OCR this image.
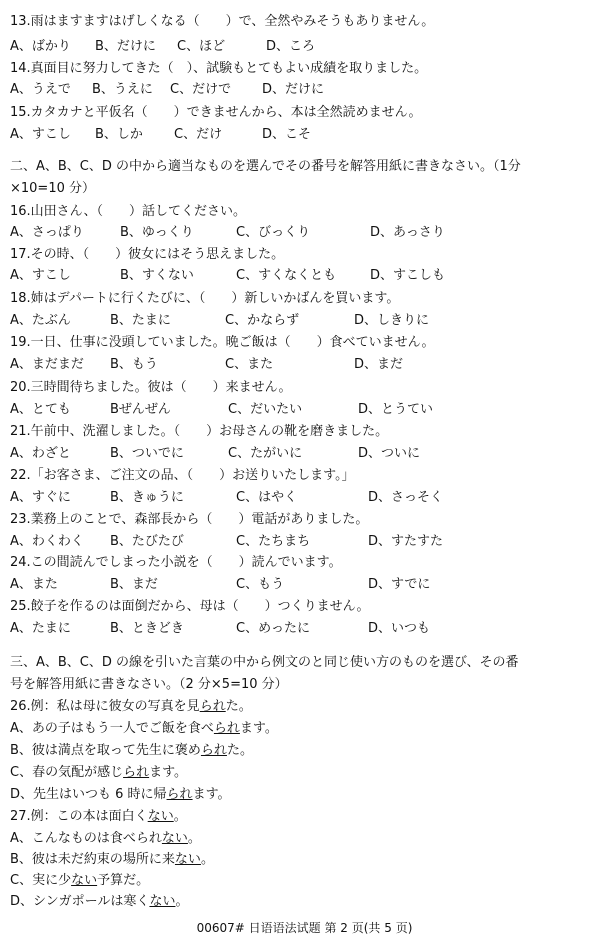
13.雨はますますはげしくなる（　　）で、全然やみそうもありません。
A、ばかり B、だけに C、ほど	D、ころ
14.真面目に努力してきた（　）、試験もとてもよい成績を取りました。
A、うえで B、うえに C、だけで D、だけに
15.カタカナと平仮名（　　）できませんから、本は全然読めません。
A、すこし B、しか C、だけ	D、こそ
二、A、B、C、D の中から適当なものを選んでその番号を解答用紙に書きなさい。（1分
×10=10 分）
16.山田さん、（　　）話してください。
A、さっぱり	B、ゆっくり	C、びっくり	D、あっさり
17.その時、（　　）彼女にはそう思えました。
A、すこし	B、すくない	C、すくなくとも	D、すこしも
18.姉はデパートに行くたびに、（　　）新しいかばんを買います。
A、たぶん	B、たまに	C、かならず	D、しきりに
19.一日、仕事に没頭していました。晩ご飯は（　　）食べていません。
A、まだまだ B、もう	C、また	D、まだ
20.三時間待ちました。彼は（　　）来ません。
A、とても	Bぜんぜん	C、だいたい	D、とうてい
21.午前中、洗濯しました。（　　）お母さんの靴を磨きました。
A、わざと	B、ついでに	C、たがいに	D、ついに
22.「お客さま、ご注文の品、（　　）お送りいたします。」
A、すぐに	B、きゅうに	C、はやく	D、さっそく
23.業務上のことで、森部長から（　　）電話がありました。
A、わくわく B、たびたび	C、たちまち	D、すたすた
24.この間読んでしまった小説を（　　）読んでいます。
A、また	B、まだ	C、もう	D、すでに
25.餃子を作るのは面倒だから、母は（　　）つくりません。
A、たまに	B、ときどき	C、めったに	D、いつも
三、A、B、C、D の線を引いた言葉の中から例文のと同じ使い方のものを選び、その番
号を解答用紙に書きなさい。（2 分×5=10 分）
26.例：私は母に彼女の写真を見られた。
A、あの子はもう一人でご飯を食べられます。
B、彼は満点を取って先生に褒められた。
C、春の気配が感じられます。
D、先生はいつも 6 時に帰られます。
27.例：この本は面白くない。
A、こんなものは食べられない。
B、彼は未だ約束の場所に来ない。
C、実に少ない予算だ。
D、シンガポールは寒くない。
00607# 日语语法试题 第 2 页(共 5 页)
